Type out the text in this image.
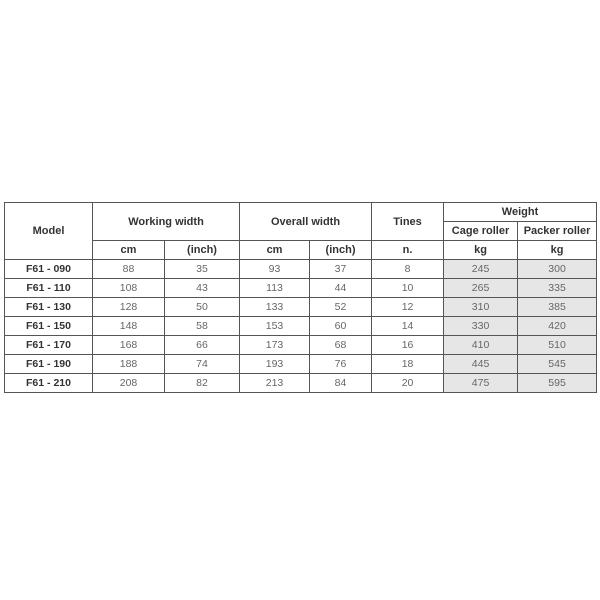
Model	Working width		Overall width		Tines	Weight	
						Cage roller	Packer roller
	cm	(inch)	cm	(inch)	n.	kg	kg
F61 - 090	88	35	93	37	8	245	300
F61 - 110	108	43	113	44	10	265	335
F61 - 130	128	50	133	52	12	310	385
F61 - 150	148	58	153	60	14	330	420
F61 - 170	168	66	173	68	16	410	510
F61 - 190	188	74	193	76	18	445	545
F61 - 210	208	82	213	84	20	475	595
